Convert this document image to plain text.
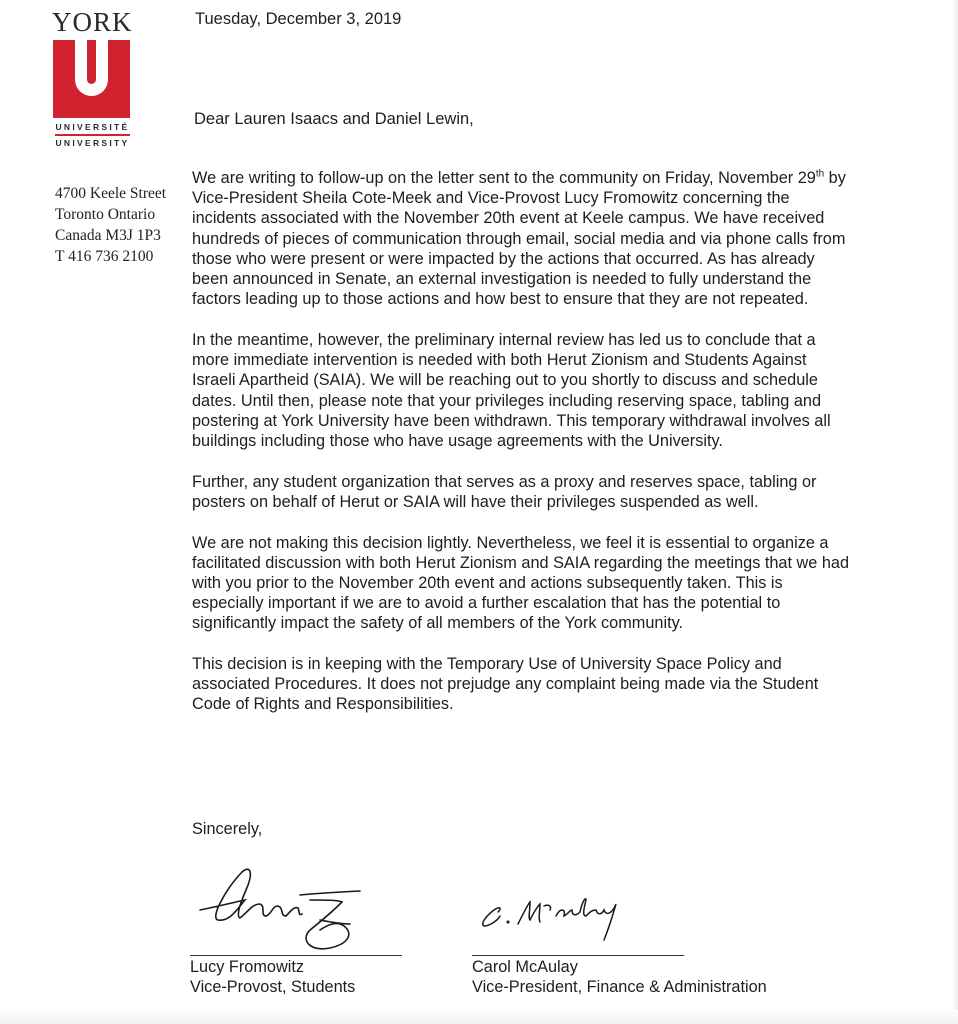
YORK
UNIVERSITÉ
UNIVERSITY
4700 Keele Street
Toronto Ontario
Canada M3J 1P3
T 416 736 2100
Tuesday, December 3, 2019
Dear Lauren Isaacs and Daniel Lewin,

We are writing to follow-up on the letter sent to the community on Friday, November 29th by Vice-President Sheila Cote-Meek and Vice-Provost Lucy Fromowitz concerning the incidents associated with the November 20th event at Keele campus. We have received hundreds of pieces of communication through email, social media and via phone calls from those who were present or were impacted by the actions that occurred. As has already been announced in Senate, an external investigation is needed to fully understand the factors leading up to those actions and how best to ensure that they are not repeated.

In the meantime, however, the preliminary internal review has led us to conclude that a more immediate intervention is needed with both Herut Zionism and Students Against Israeli Apartheid (SAIA). We will be reaching out to you shortly to discuss and schedule dates. Until then, please note that your privileges including reserving space, tabling and postering at York University have been withdrawn. This temporary withdrawal involves all buildings including those who have usage agreements with the University.

Further, any student organization that serves as a proxy and reserves space, tabling or posters on behalf of Herut or SAIA will have their privileges suspended as well.

We are not making this decision lightly. Nevertheless, we feel it is essential to organize a facilitated discussion with both Herut Zionism and SAIA regarding the meetings that we had with you prior to the November 20th event and actions subsequently taken. This is especially important if we are to avoid a further escalation that has the potential to significantly impact the safety of all members of the York community.

This decision is in keeping with the Temporary Use of University Space Policy and associated Procedures. It does not prejudge any complaint being made via the Student Code of Rights and Responsibilities.

Sincerely,
Lucy Fromowitz
Vice-Provost, Students
Carol McAulay
Vice-President, Finance & Administration
